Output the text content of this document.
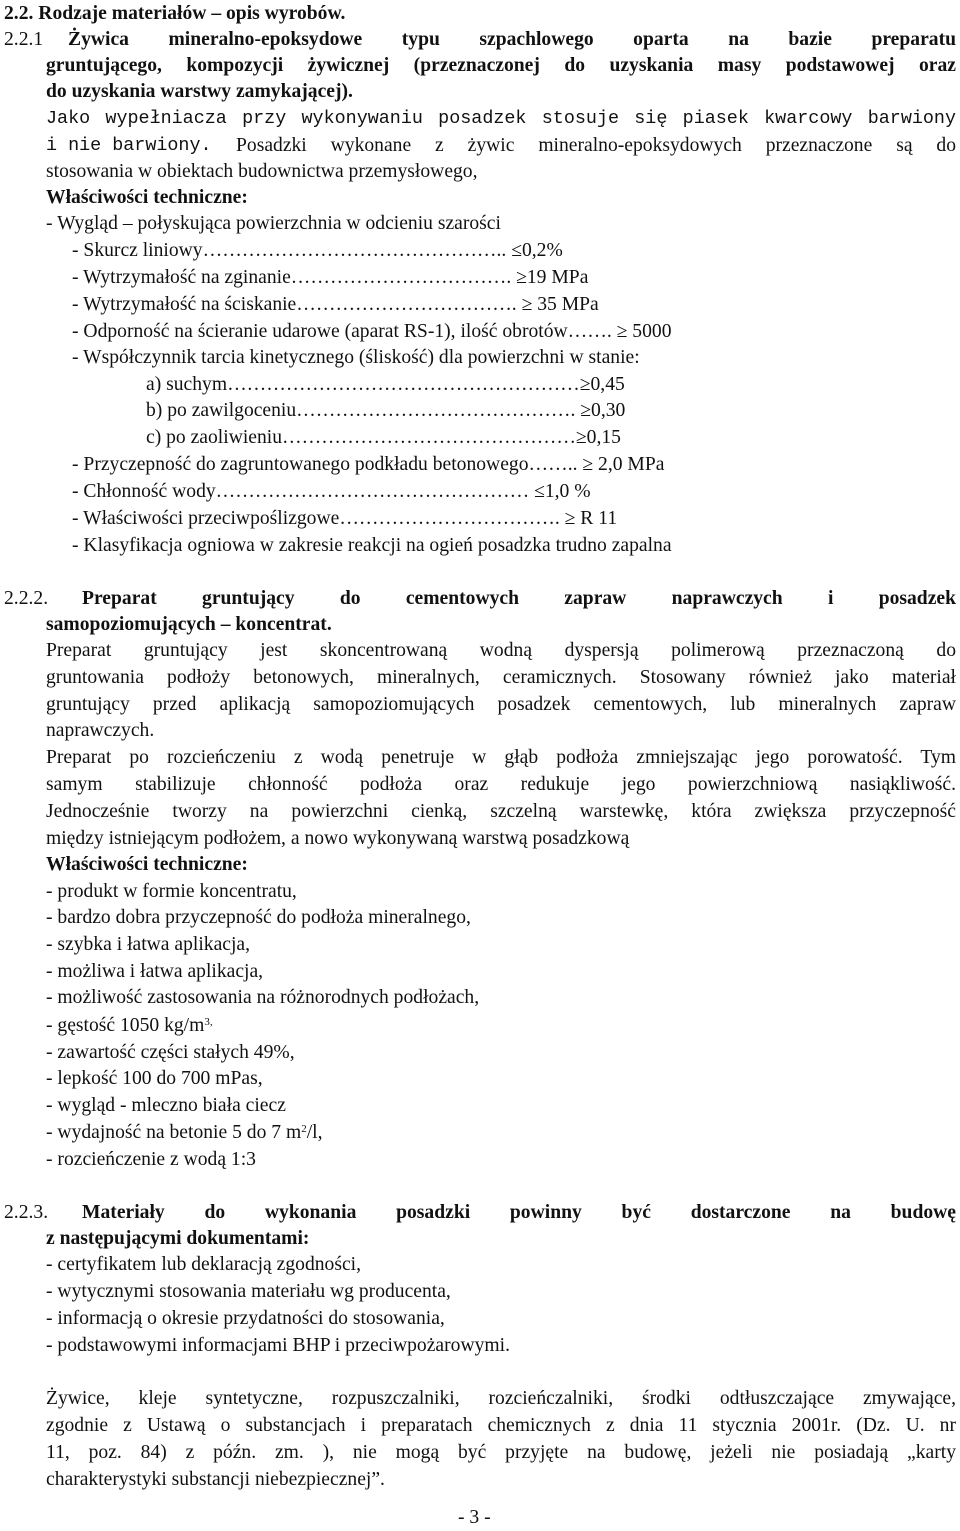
2.2. Rodzaje materiałów – opis wyrobów.
2.2.1 Żywica mineralno-epoksydowe typu szpachlowego oparta na bazie preparatu
gruntującego, kompozycji żywicznej (przeznaczonej do uzyskania masy podstawowej oraz
do uzyskania warstwy zamykającej).
Jako wypełniacza przy wykonywaniu posadzek stosuje się piasek kwarcowy barwiony
i nie barwiony. Posadzki wykonane z żywic mineralno-epoksydowych przeznaczone są do
stosowania w obiektach budownictwa przemysłowego,
Właściwości techniczne:
- Wygląd – połyskująca powierzchnia w odcieniu szarości
- Skurcz liniowy……………………………………….. ≤0,2%
- Wytrzymałość na zginanie……………………………. ≥19 MPa
- Wytrzymałość na ściskanie……………………………. ≥ 35 MPa
- Odporność na ścieranie udarowe (aparat RS-1), ilość obrotów……. ≥ 5000
- Współczynnik tarcia kinetycznego (śliskość) dla powierzchni w stanie:
a) suchym………………………………………………≥0,45
b) po zawilgoceniu……………………………………. ≥0,30
c) po zaoliwieniu………………………………………≥0,15
- Przyczepność do zagruntowanego podkładu betonowego…….. ≥ 2,0 MPa
- Chłonność wody………………………………………… ≤1,0 %
- Właściwości przeciwpoślizgowe……………………………. ≥ R 11
- Klasyfikacja ogniowa w zakresie reakcji na ogień posadzka trudno zapalna
2.2.2. Preparat gruntujący do cementowych zapraw naprawczych i posadzek
samopoziomujących – koncentrat.
Preparat gruntujący jest skoncentrowaną wodną dyspersją polimerową przeznaczoną do
gruntowania podłoży betonowych, mineralnych, ceramicznych. Stosowany również jako materiał
gruntujący przed aplikacją samopoziomujących posadzek cementowych, lub mineralnych zapraw
naprawczych.
Preparat po rozcieńczeniu z wodą penetruje w głąb podłoża zmniejszając jego porowatość. Tym
samym stabilizuje chłonność podłoża oraz redukuje jego powierzchniową nasiąkliwość.
Jednocześnie tworzy na powierzchni cienką, szczelną warstewkę, która zwiększa przyczepność
między istniejącym podłożem, a nowo wykonywaną warstwą posadzkową
Właściwości techniczne:
- produkt w formie koncentratu,
- bardzo dobra przyczepność do podłoża mineralnego,
- szybka i łatwa aplikacja,
- możliwa i łatwa aplikacja,
- możliwość zastosowania na różnorodnych podłożach,
- gęstość 1050 $kg/m^{3,}$
- zawartość części stałych 49%,
- lepkość 100 do 700 mPas,
- wygląd - mleczno biała ciecz
- wydajność na betonie 5 do 7 $m^2/l$,
- rozcieńczenie z wodą 1:3
2.2.3. Materiały do wykonania posadzki powinny być dostarczone na budowę
z następującymi dokumentami:
- certyfikatem lub deklaracją zgodności,
- wytycznymi stosowania materiału wg producenta,
- informacją o okresie przydatności do stosowania,
- podstawowymi informacjami BHP i przeciwpożarowymi.
Żywice, kleje syntetyczne, rozpuszczalniki, rozcieńczalniki, środki odtłuszczające zmywające,
zgodnie z Ustawą o substancjach i preparatach chemicznych z dnia 11 stycznia 2001r. (Dz. U. nr
11, poz. 84) z późn. zm. ), nie mogą być przyjęte na budowę, jeżeli nie posiadają „karty
charakterystyki substancji niebezpiecznej”.
- 3 -
